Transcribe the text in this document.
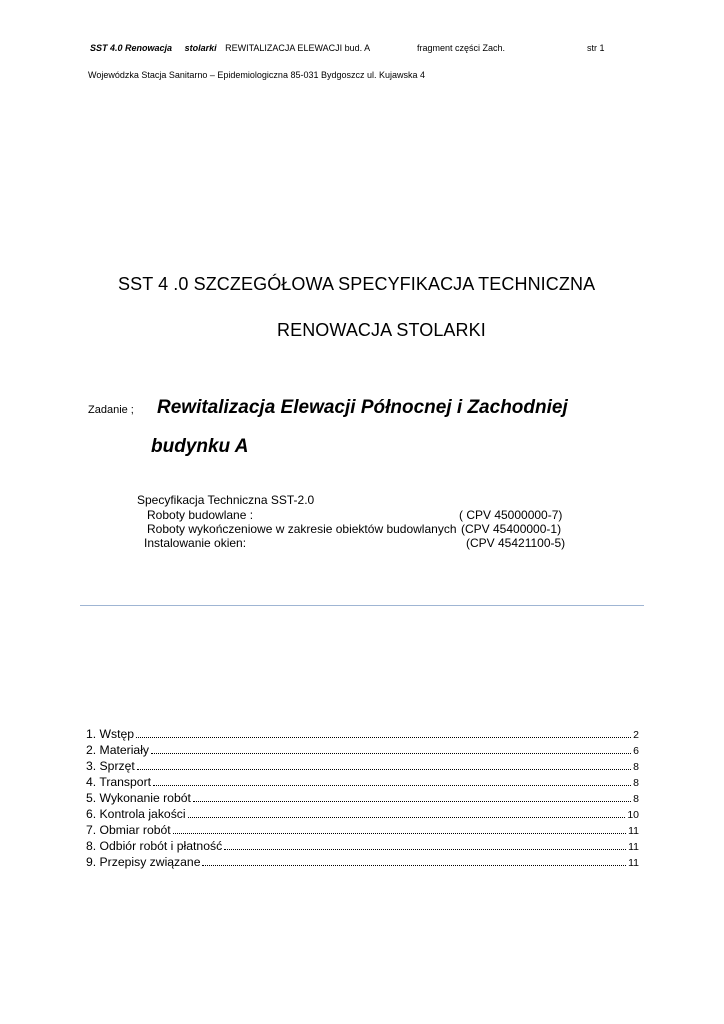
SST 4.0 Renowacja stolarki REWITALIZACJA ELEWACJI bud. A	fragment części Zach.	str 1
Wojewódzka Stacja Sanitarno – Epidemiologiczna 85-031 Bydgoszcz ul. Kujawska 4
SST 4 .0 SZCZEGÓŁOWA SPECYFIKACJA TECHNICZNA
RENOWACJA STOLARKI
Zadanie ; Rewitalizacja Elewacji Północnej i Zachodniej
budynku A
Specyfikacja Techniczna SST-2.0
Roboty budowlane :	( CPV 45000000-7)
Roboty wykończeniowe w zakresie obiektów budowlanych (CPV 45400000-1)
Instalowanie okien:	(CPV 45421100-5)
1. Wstęp	2
2. Materiały	6
3. Sprzęt	8
4. Transport	8
5. Wykonanie robót	8
6. Kontrola jakości	10
7. Obmiar robót	11
8. Odbiór robót i płatność	11
9. Przepisy związane	11
